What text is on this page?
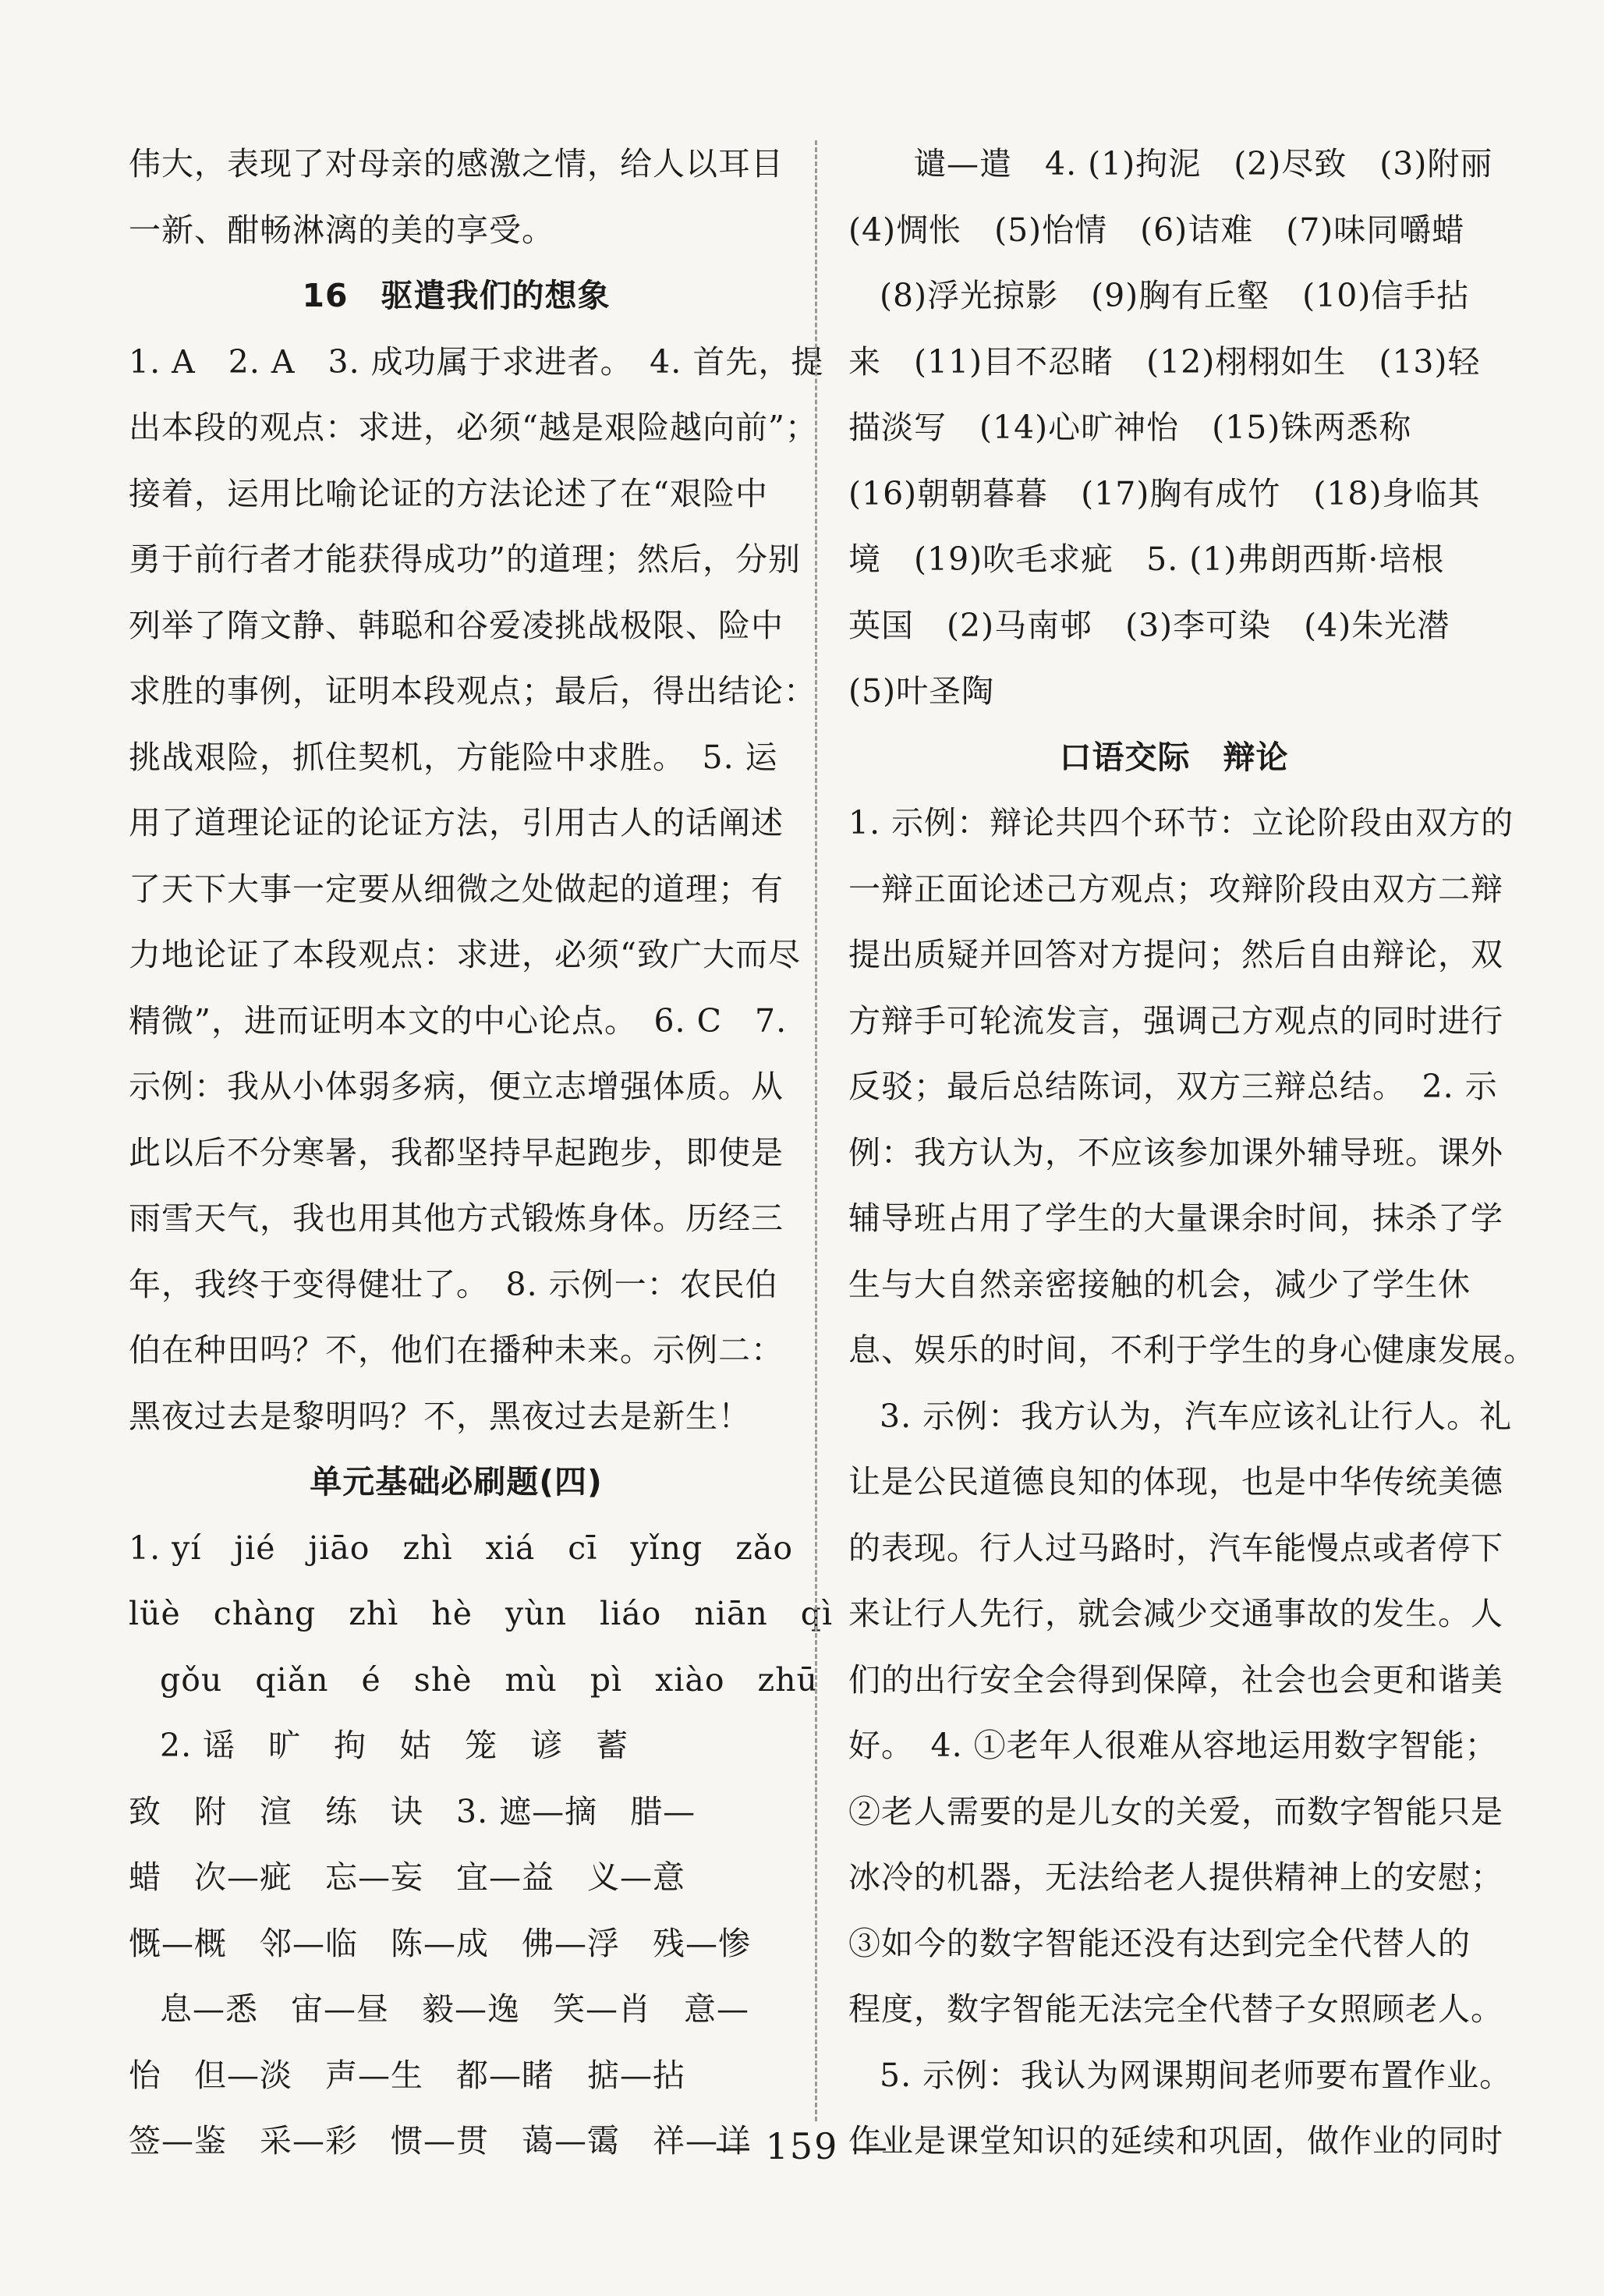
伟大，表现了对母亲的感激之情，给人以耳目
一新、酣畅淋漓的美的享受。
16　驱遣我们的想象
1. A　2. A　3. 成功属于求进者。　4. 首先，提
出本段的观点：求进，必须“越是艰险越向前”；
接着，运用比喻论证的方法论述了在“艰险中
勇于前行者才能获得成功”的道理；然后，分别
列举了隋文静、韩聪和谷爱凌挑战极限、险中
求胜的事例，证明本段观点；最后，得出结论：
挑战艰险，抓住契机，方能险中求胜。　5. 运
用了道理论证的论证方法，引用古人的话阐述
了天下大事一定要从细微之处做起的道理；有
力地论证了本段观点：求进，必须“致广大而尽
精微”，进而证明本文的中心论点。　6. C　7.
示例：我从小体弱多病，便立志增强体质。从
此以后不分寒暑，我都坚持早起跑步，即使是
雨雪天气，我也用其他方式锻炼身体。历经三
年，我终于变得健壮了。　8. 示例一：农民伯
伯在种田吗？不，他们在播种未来。示例二：
黑夜过去是黎明吗？不，黑夜过去是新生！
单元基础必刷题(四)
1. yí　jié　jiāo　zhì　xiá　cī　yǐng　zǎo
lüè　chàng　zhì　hè　yùn　liáo　niān　qì
gǒu　qiǎn　é　shè　mù　pì　xiào　zhū
2. 谣　旷　拘　姑　笼　谚　蓄
致　附　渲　练　诀　3. 遮—摘　腊—
蜡　次—疵　忘—妄　宜—益　义—意
慨—概　邻—临　陈—成　佛—浮　残—惨
息—悉　宙—昼　毅—逸　笑—肖　意—
怡　但—淡　声—生　都—睹　掂—拈
签—鉴　采—彩　惯—贯　蔼—霭　祥—详
　　谴—遣　4. (1)拘泥　(2)尽致　(3)附丽
(4)惆怅　(5)怡情　(6)诘难　(7)味同嚼蜡
(8)浮光掠影　(9)胸有丘壑　(10)信手拈
来　(11)目不忍睹　(12)栩栩如生　(13)轻
描淡写　(14)心旷神怡　(15)铢两悉称
(16)朝朝暮暮　(17)胸有成竹　(18)身临其
境　(19)吹毛求疵　5. (1)弗朗西斯·培根
英国　(2)马南邨　(3)李可染　(4)朱光潜
(5)叶圣陶
口语交际　辩论
1. 示例：辩论共四个环节：立论阶段由双方的
一辩正面论述己方观点；攻辩阶段由双方二辩
提出质疑并回答对方提问；然后自由辩论，双
方辩手可轮流发言，强调己方观点的同时进行
反驳；最后总结陈词，双方三辩总结。　2. 示
例：我方认为，不应该参加课外辅导班。课外
辅导班占用了学生的大量课余时间，抹杀了学
生与大自然亲密接触的机会，减少了学生休
息、娱乐的时间，不利于学生的身心健康发展。
3. 示例：我方认为，汽车应该礼让行人。礼
让是公民道德良知的体现，也是中华传统美德
的表现。行人过马路时，汽车能慢点或者停下
来让行人先行，就会减少交通事故的发生。人
们的出行安全会得到保障，社会也会更和谐美
好。　4. ①老年人很难从容地运用数字智能；
②老人需要的是儿女的关爱，而数字智能只是
冰冷的机器，无法给老人提供精神上的安慰；
③如今的数字智能还没有达到完全代替人的
程度，数字智能无法完全代替子女照顾老人。
5. 示例：我认为网课期间老师要布置作业。
作业是课堂知识的延续和巩固，做作业的同时
— 159 —
